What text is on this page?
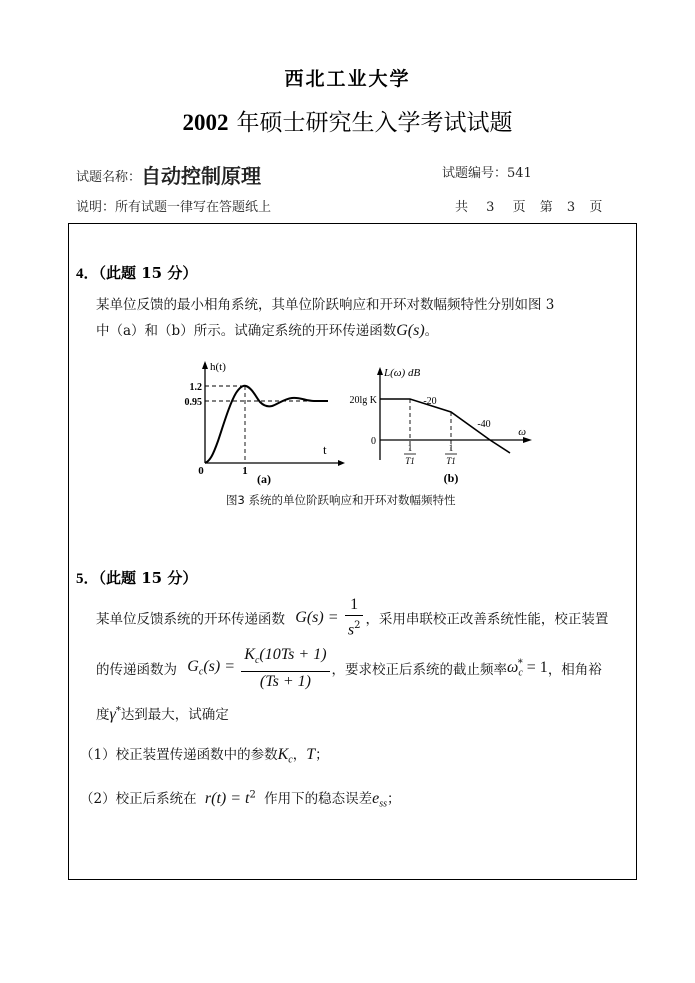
西北工业大学
2002 年硕士研究生入学考试试题
试题名称：自动控制原理	试题编号：541
说明：所有试题一律写在答题纸上	共 3 页 第 3 页
4．（此题 15 分）
某单位反馈的最小相角系统，其单位阶跃响应和开环对数幅频特性分别如图 3
中（a）和（b）所示。试确定系统的开环传递函数G(s)。
h(t)
t
0	1
1.2
0.95
(a)
L(ω) dB
ω
20lg K
0
-20
-40
1
T1
1
T1
(b)
图3 系统的单位阶跃响应和开环对数幅频特性
5．（此题 15 分）
某单位反馈系统的开环传递函数 $G(s) = \frac{1}{s^2}$ ，采用串联校正改善系统性能，校正装置
的传递函数为 $G_c(s) = \frac{K_c(10Ts + 1)}{(Ts + 1)}$ ，要求校正后系统的截止频率$\omega_c^* = 1$，相角裕
度γ*达到最大，试确定
（1）校正装置传递函数中的参数$K_c$，T；
（2）校正后系统在 $r(t) = t^2$ 作用下的稳态误差$e_{ss}$；
